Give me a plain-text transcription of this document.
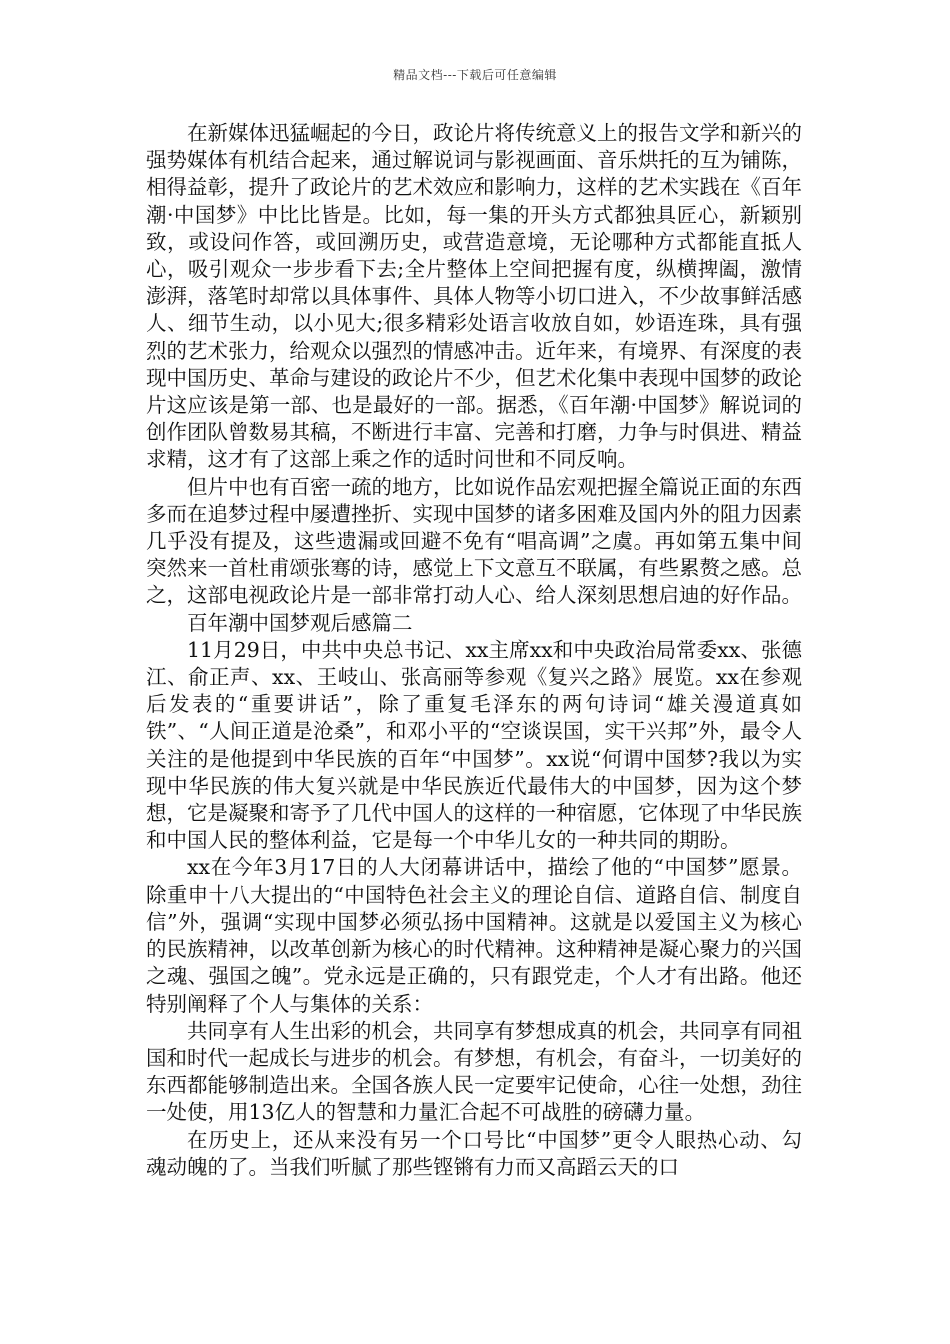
精品文档---下载后可任意编辑

在新媒体迅猛崛起的今日，政论片将传统意义上的报告文学和新兴的强势媒体有机结合起来，通过解说词与影视画面、音乐烘托的互为铺陈，相得益彰，提升了政论片的艺术效应和影响力，这样的艺术实践在《百年潮·中国梦》中比比皆是。比如，每一集的开头方式都独具匠心，新颖别致，或设问作答，或回溯历史，或营造意境，无论哪种方式都能直抵人心，吸引观众一步步看下去;全片整体上空间把握有度，纵横捭阖，激情澎湃，落笔时却常以具体事件、具体人物等小切口进入，不少故事鲜活感人、细节生动，以小见大;很多精彩处语言收放自如，妙语连珠，具有强烈的艺术张力，给观众以强烈的情感冲击。近年来，有境界、有深度的表现中国历史、革命与建设的政论片不少，但艺术化集中表现中国梦的政论片这应该是第一部、也是最好的一部。据悉，《百年潮·中国梦》解说词的创作团队曾数易其稿，不断进行丰富、完善和打磨，力争与时俱进、精益求精，这才有了这部上乘之作的适时问世和不同反响。

但片中也有百密一疏的地方，比如说作品宏观把握全篇说正面的东西多而在追梦过程中屡遭挫折、实现中国梦的诸多困难及国内外的阻力因素几乎没有提及，这些遗漏或回避不免有“唱高调”之虞。再如第五集中间突然来一首杜甫颂张骞的诗，感觉上下文意互不联属，有些累赘之感。总之，这部电视政论片是一部非常打动人心、给人深刻思想启迪的好作品。

百年潮中国梦观后感篇二

11月29日，中共中央总书记、xx主席xx和中央政治局常委xx、张德江、俞正声、xx、王岐山、张高丽等参观《复兴之路》展览。xx在参观后发表的“重要讲话”，除了重复毛泽东的两句诗词“雄关漫道真如铁”、“人间正道是沧桑”，和邓小平的“空谈误国，实干兴邦”外，最令人关注的是他提到中华民族的百年“中国梦”。xx说“何谓中国梦?我以为实现中华民族的伟大复兴就是中华民族近代最伟大的中国梦，因为这个梦想，它是凝聚和寄予了几代中国人的这样的一种宿愿，它体现了中华民族和中国人民的整体利益，它是每一个中华儿女的一种共同的期盼。

xx在今年3月17日的人大闭幕讲话中，描绘了他的“中国梦”愿景。除重申十八大提出的“中国特色社会主义的理论自信、道路自信、制度自信”外，强调“实现中国梦必须弘扬中国精神。这就是以爱国主义为核心的民族精神，以改革创新为核心的时代精神。这种精神是凝心聚力的兴国之魂、强国之魄”。党永远是正确的，只有跟党走，个人才有出路。他还特别阐释了个人与集体的关系：

共同享有人生出彩的机会，共同享有梦想成真的机会，共同享有同祖国和时代一起成长与进步的机会。有梦想，有机会，有奋斗，一切美好的东西都能够制造出来。全国各族人民一定要牢记使命，心往一处想，劲往一处使，用13亿人的智慧和力量汇合起不可战胜的磅礴力量。

在历史上，还从来没有另一个口号比“中国梦”更令人眼热心动、勾魂动魄的了。当我们听腻了那些铿锵有力而又高蹈云天的口
